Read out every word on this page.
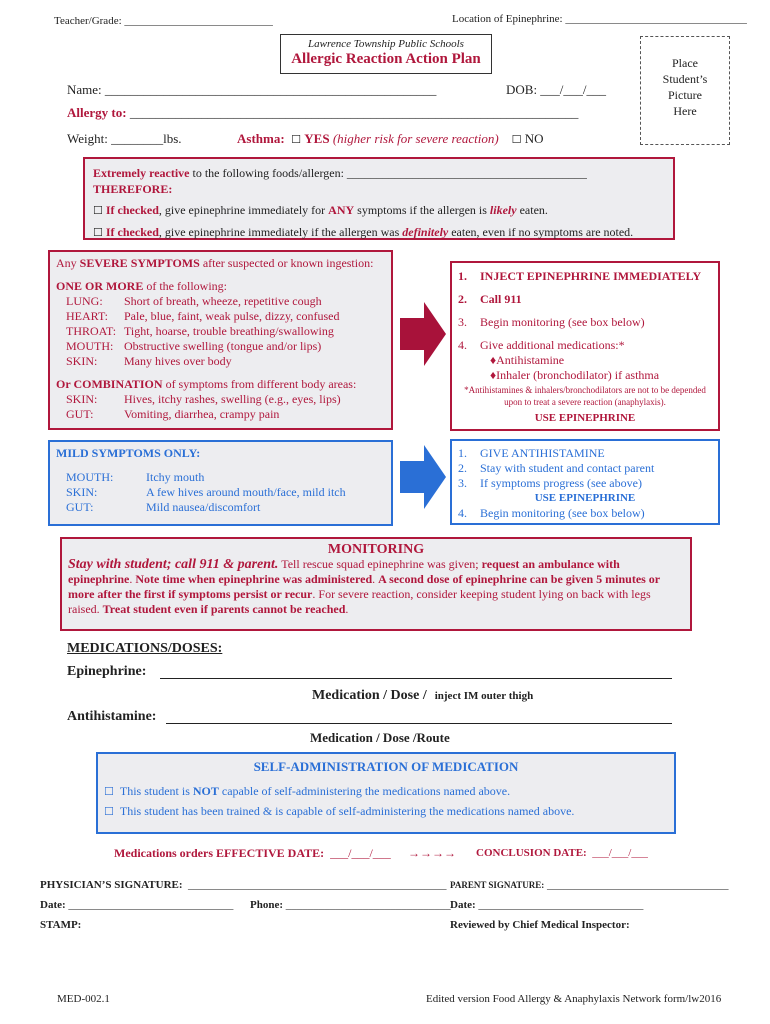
Teacher/Grade: ___________________________	Location of Epinephrine: _________________________________
Lawrence Township Public Schools
Allergic Reaction Action Plan	Place
Student’s
Picture
Here
Name: ___________________________________________________	DOB: ___/___/___
Allergy to: _____________________________________________________________________
Weight: ________lbs.	Asthma: ☐ YES (higher risk for severe reaction) ☐ NO
Extremely reactive to the following foods/allergen: ________________________________________
THEREFORE:
☐ If checked, give epinephrine immediately for ANY symptoms if the allergen is likely eaten.
☐ If checked, give epinephrine immediately if the allergen was definitely eaten, even if no symptoms are noted.
Any SEVERE SYMPTOMS after suspected or known ingestion:
ONE OR MORE of the following:
LUNG: Short of breath, wheeze, repetitive cough
HEART: Pale, blue, faint, weak pulse, dizzy, confused
THROAT: Tight, hoarse, trouble breathing/swallowing
MOUTH: Obstructive swelling (tongue and/or lips)
SKIN: Many hives over body
Or COMBINATION of symptoms from different body areas:
SKIN: Hives, itchy rashes, swelling (e.g., eyes, lips)
GUT:	Vomiting, diarrhea, crampy pain
1. INJECT EPINEPHRINE IMMEDIATELY
2. Call 911
3. Begin monitoring (see box below)
4. Give additional medications:*
♦Antihistamine
♦Inhaler (bronchodilator) if asthma
*Antihistamines & inhalers/bronchodilators are not to be depended upon to treat a severe reaction (anaphylaxis).
USE EPINEPHRINE
MILD SYMPTOMS ONLY:
MOUTH:	Itchy mouth
SKIN:	A few hives around mouth/face, mild itch
GUT:	Mild nausea/discomfort
1. GIVE ANTIHISTAMINE
2. Stay with student and contact parent
3. If symptoms progress (see above)
USE EPINEPHRINE
4. Begin monitoring (see box below)
MONITORING
Stay with student; call 911 & parent. Tell rescue squad epinephrine was given; request an ambulance with epinephrine. Note time when epinephrine was administered. A second dose of epinephrine can be given 5 minutes or more after the first if symptoms persist or recur. For severe reaction, consider keeping student lying on back with legs raised. Treat student even if parents cannot be reached.
MEDICATIONS/DOSES:
Epinephrine:
Medication / Dose / inject IM outer thigh
Antihistamine:
Medication / Dose /Route
SELF-ADMINISTRATION OF MEDICATION
☐ This student is NOT capable of self-administering the medications named above.
☐ This student has been trained & is capable of self-administering the medications named above.
Medications orders EFFECTIVE DATE: ___/___/___ →→→→ CONCLUSION DATE: ___/___/___
PHYSICIAN’S SIGNATURE: _______________________________________________ PARENT SIGNATURE: _________________________________
Date: ______________________________ Phone: ______________________________ Date: ______________________________
STAMP:	Reviewed by Chief Medical Inspector:
MED-002.1	Edited version Food Allergy & Anaphylaxis Network form/lw2016
